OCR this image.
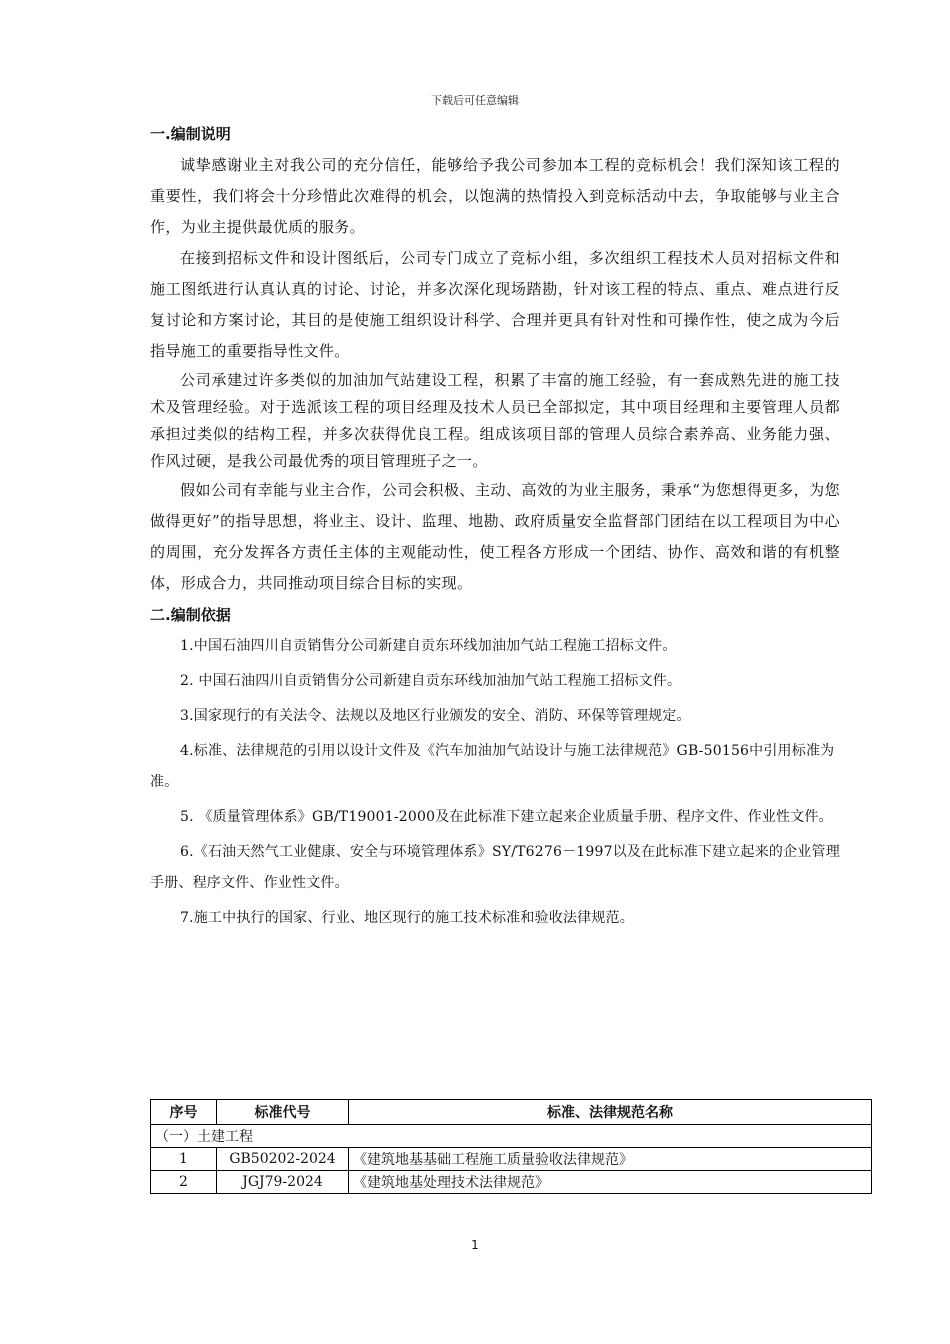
下载后可任意编辑
一.编制说明

诚挚感谢业主对我公司的充分信任，能够给予我公司参加本工程的竞标机会！我们深知该工程的重要性，我们将会十分珍惜此次难得的机会，以饱满的热情投入到竞标活动中去，争取能够与业主合作，为业主提供最优质的服务。

在接到招标文件和设计图纸后，公司专门成立了竞标小组，多次组织工程技术人员对招标文件和施工图纸进行认真认真的讨论、讨论，并多次深化现场踏勘，针对该工程的特点、重点、难点进行反复讨论和方案讨论，其目的是使施工组织设计科学、合理并更具有针对性和可操作性，使之成为今后指导施工的重要指导性文件。

公司承建过许多类似的加油加气站建设工程，积累了丰富的施工经验，有一套成熟先进的施工技术及管理经验。对于选派该工程的项目经理及技术人员已全部拟定，其中项目经理和主要管理人员都承担过类似的结构工程，并多次获得优良工程。组成该项目部的管理人员综合素养高、业务能力强、作风过硬，是我公司最优秀的项目管理班子之一。

假如公司有幸能与业主合作，公司会积极、主动、高效的为业主服务，秉承“为您想得更多，为您做得更好”的指导思想，将业主、设计、监理、地勘、政府质量安全监督部门团结在以工程项目为中心的周围，充分发挥各方责任主体的主观能动性，使工程各方形成一个团结、协作、高效和谐的有机整体，形成合力，共同推动项目综合目标的实现。

二.编制依据

1.中国石油四川自贡销售分公司新建自贡东环线加油加气站工程施工招标文件。

2. 中国石油四川自贡销售分公司新建自贡东环线加油加气站工程施工招标文件。

3.国家现行的有关法令、法规以及地区行业颁发的安全、消防、环保等管理规定。

4.标准、法律规范的引用以设计文件及《汽车加油加气站设计与施工法律规范》GB-50156中引用标准为准。

5. 《质量管理体系》GB/T19001-2000及在此标准下建立起来企业质量手册、程序文件、作业性文件。

6.《石油天然气工业健康、安全与环境管理体系》SY/T6276－1997以及在此标准下建立起来的企业管理手册、程序文件、作业性文件。

7.施工中执行的国家、行业、地区现行的施工技术标准和验收法律规范。

序号	标准代号	标准、法律规范名称
（一）土建工程		
1	GB50202-2024	《建筑地基基础工程施工质量验收法律规范》
2	JGJ79-2024	《建筑地基处理技术法律规范》
1
